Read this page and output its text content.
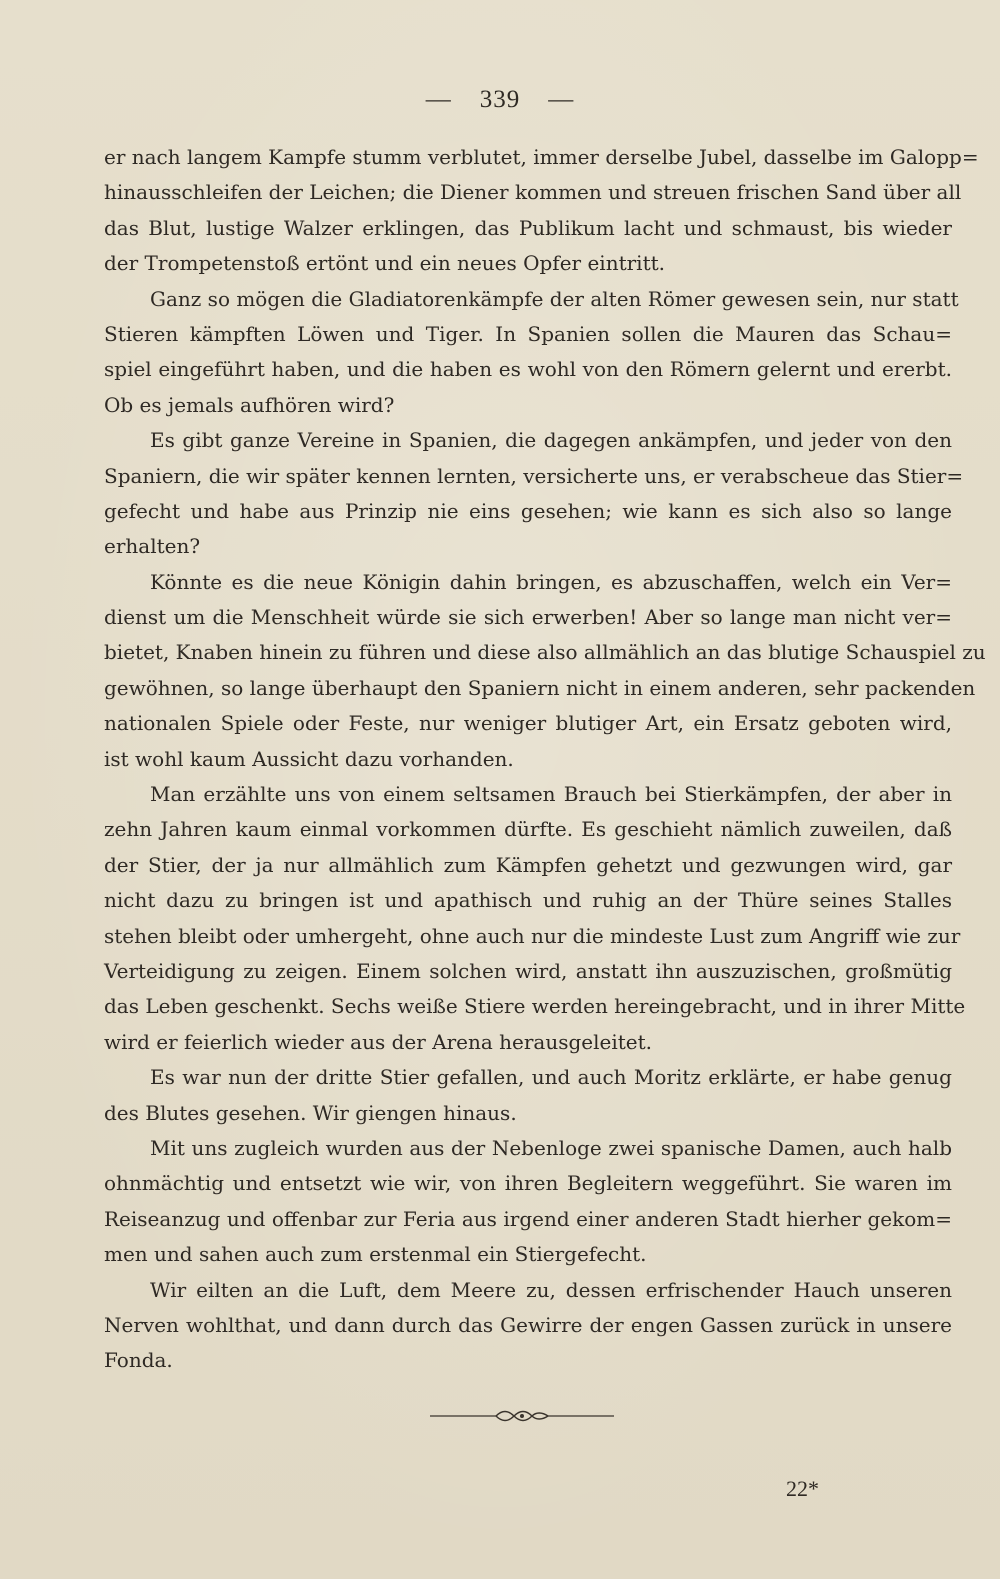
— 339 —
er nach langem Kampfe stumm verblutet, immer derselbe Jubel, dasselbe im Galopp=
hinausschleifen der Leichen; die Diener kommen und streuen frischen Sand über all
das Blut, lustige Walzer erklingen, das Publikum lacht und schmaust, bis wieder
der Trompetenstoß ertönt und ein neues Opfer eintritt.
Ganz so mögen die Gladiatorenkämpfe der alten Römer gewesen sein, nur statt
Stieren kämpften Löwen und Tiger. In Spanien sollen die Mauren das Schau=
spiel eingeführt haben, und die haben es wohl von den Römern gelernt und ererbt.
Ob es jemals aufhören wird?
Es gibt ganze Vereine in Spanien, die dagegen ankämpfen, und jeder von den
Spaniern, die wir später kennen lernten, versicherte uns, er verabscheue das Stier=
gefecht und habe aus Prinzip nie eins gesehen; wie kann es sich also so lange
erhalten?
Könnte es die neue Königin dahin bringen, es abzuschaffen, welch ein Ver=
dienst um die Menschheit würde sie sich erwerben! Aber so lange man nicht ver=
bietet, Knaben hinein zu führen und diese also allmählich an das blutige Schauspiel zu
gewöhnen, so lange überhaupt den Spaniern nicht in einem anderen, sehr packenden
nationalen Spiele oder Feste, nur weniger blutiger Art, ein Ersatz geboten wird,
ist wohl kaum Aussicht dazu vorhanden.
Man erzählte uns von einem seltsamen Brauch bei Stierkämpfen, der aber in
zehn Jahren kaum einmal vorkommen dürfte. Es geschieht nämlich zuweilen, daß
der Stier, der ja nur allmählich zum Kämpfen gehetzt und gezwungen wird, gar
nicht dazu zu bringen ist und apathisch und ruhig an der Thüre seines Stalles
stehen bleibt oder umhergeht, ohne auch nur die mindeste Lust zum Angriff wie zur
Verteidigung zu zeigen. Einem solchen wird, anstatt ihn auszuzischen, großmütig
das Leben geschenkt. Sechs weiße Stiere werden hereingebracht, und in ihrer Mitte
wird er feierlich wieder aus der Arena herausgeleitet.
Es war nun der dritte Stier gefallen, und auch Moritz erklärte, er habe genug
des Blutes gesehen. Wir giengen hinaus.
Mit uns zugleich wurden aus der Nebenloge zwei spanische Damen, auch halb
ohnmächtig und entsetzt wie wir, von ihren Begleitern weggeführt. Sie waren im
Reiseanzug und offenbar zur Feria aus irgend einer anderen Stadt hierher gekom=
men und sahen auch zum erstenmal ein Stiergefecht.
Wir eilten an die Luft, dem Meere zu, dessen erfrischender Hauch unseren
Nerven wohlthat, und dann durch das Gewirre der engen Gassen zurück in unsere
Fonda.
22*
